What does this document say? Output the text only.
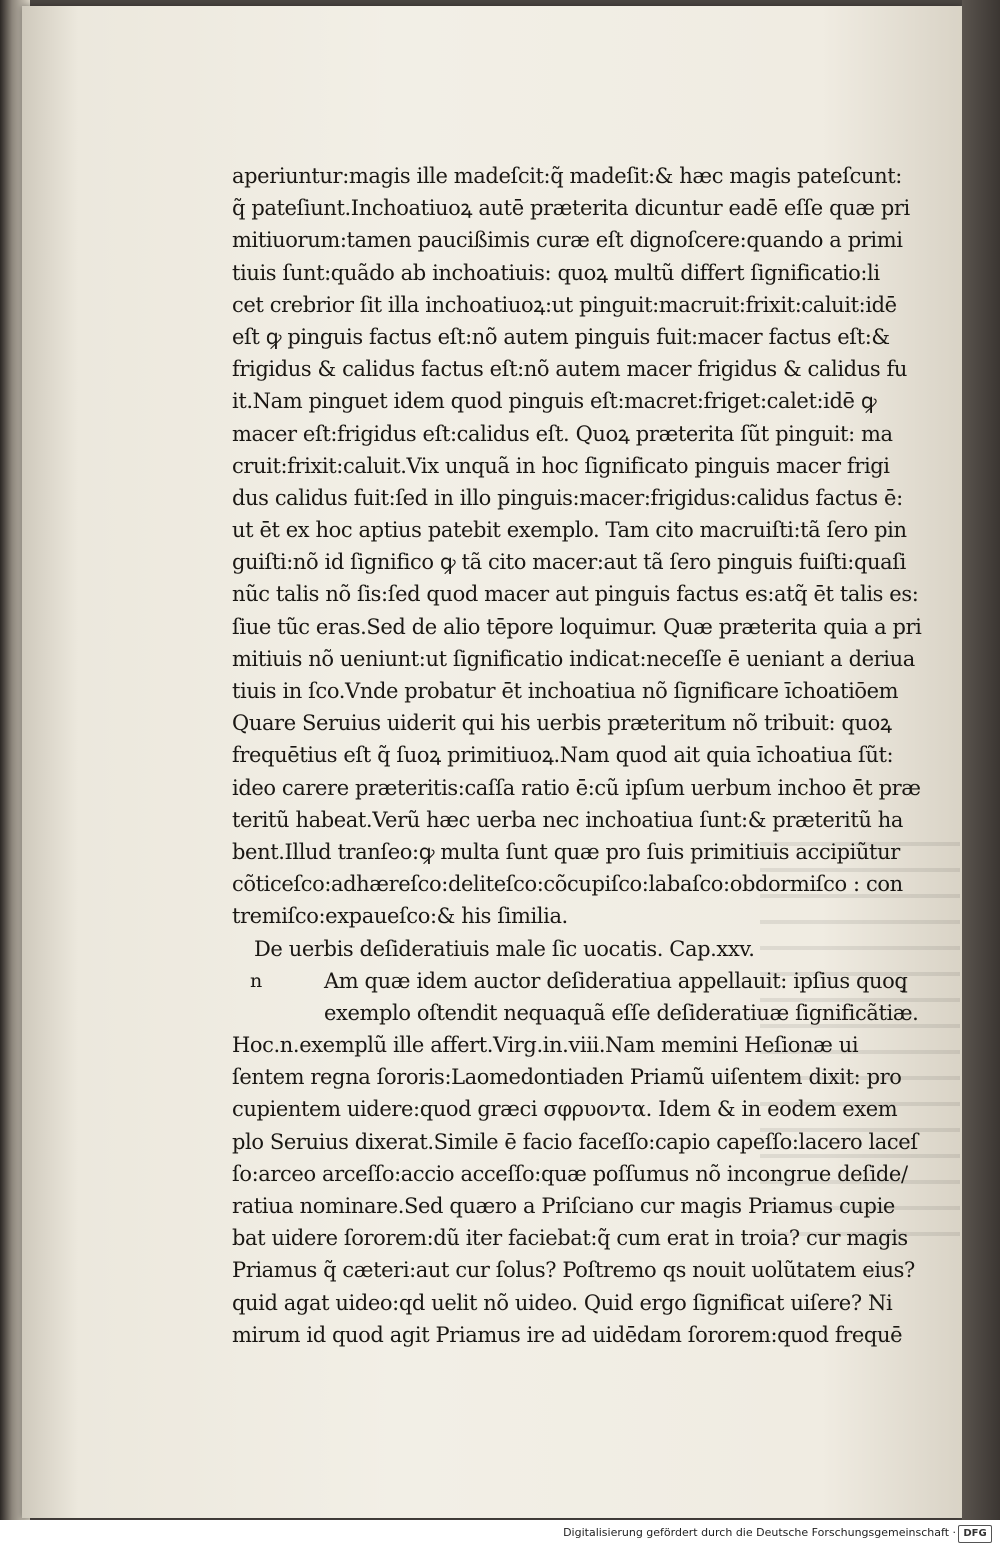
aperiuntur:magis ille madeſcit:q̃ madeſit:& hæc magis pateſcunt:
q̃ pateſiunt.Inchoatiuoꝝ autē præterita dicuntur eadē eſſe quæ pri
mitiuorum:tamen paucißimis curæ eſt dignoſcere:quando a primi
tiuis ſunt:quãdo ab inchoatiuis: quoꝝ multũ differt ſignificatio:li
cet crebrior ſit illa inchoatiuoꝝ:ut pinguit:macruit:frixit:caluit:idē
eſt ꝙ pinguis factus eſt:nõ autem pinguis fuit:macer factus eſt:&
frigidus & calidus factus eſt:nõ autem macer frigidus & calidus fu
it.Nam pinguet idem quod pinguis eſt:macret:friget:calet:idē ꝙ
macer eſt:frigidus eſt:calidus eſt. Quoꝝ præterita ſũt pinguit: ma
cruit:frixit:caluit.Vix unquã in hoc ſignificato pinguis macer frigi
dus calidus fuit:ſed in illo pinguis:macer:frigidus:calidus factus ē:
ut ēt ex hoc aptius patebit exemplo. Tam cito macruiſti:tã ſero pin
guiſti:nõ id ſignifico ꝙ tã cito macer:aut tã ſero pinguis fuiſti:quaſi
nũc talis nõ ſis:ſed quod macer aut pinguis factus es:atq̃ ēt talis es:
ſiue tũc eras.Sed de alio tēpore loquimur. Quæ præterita quia a pri
mitiuis nõ ueniunt:ut ſignificatio indicat:neceſſe ē ueniant a deriua
tiuis in ſco.Vnde probatur ēt inchoatiua nõ ſignificare īchoatiōem
Quare Seruius uiderit qui his uerbis præteritum nõ tribuit: quoꝝ
frequētius eſt q̃ ſuoꝝ primitiuoꝝ.Nam quod ait quia īchoatiua ſũt:
ideo carere præteritis:caſſa ratio ē:cũ ipſum uerbum inchoo ēt præ
teritũ habeat.Verũ hæc uerba nec inchoatiua ſunt:& præteritũ ha
bent.Illud tranſeo:ꝙ multa ſunt quæ pro ſuis primitiuis accipiũtur
cõticeſco:adhæreſco:deliteſco:cõcupiſco:labaſco:obdormiſco : con
tremiſco:expaueſco:& his ſimilia.
De uerbis deſideratiuis male ſic uocatis. Cap.xxv.
n	Am quæ idem auctor deſideratiua appellauit: ipſius quoq̧
exemplo oſtendit nequaquã eſſe deſideratiuæ ſignificãtiæ.
Hoc.n.exemplũ ille affert.Virg.in.viii.Nam memini Heſionæ ui
ſentem regna ſororis:Laomedontiaden Priamũ uiſentem dixit: pro
cupientem uidere:quod græci σφρυοντα. Idem & in eodem exem
plo Seruius dixerat.Simile ē facio faceſſo:capio capeſſo:lacero laceſ
ſo:arceo arceſſo:accio acceſſo:quæ poſſumus nõ incongrue deſide/
ratiua nominare.Sed quæro a Priſciano cur magis Priamus cupie
bat uidere ſororem:dũ iter faciebat:q̃ cum erat in troia? cur magis
Priamus q̃ cæteri:aut cur ſolus? Poſtremo qs nouit uolũtatem eius?
quid agat uideo:qd uelit nõ uideo. Quid ergo ſignificat uiſere? Ni
mirum id quod agit Priamus ire ad uidēdam ſororem:quod frequē
Digitalisierung gefördert durch die Deutsche Forschungsgemeinschaft · DFG
